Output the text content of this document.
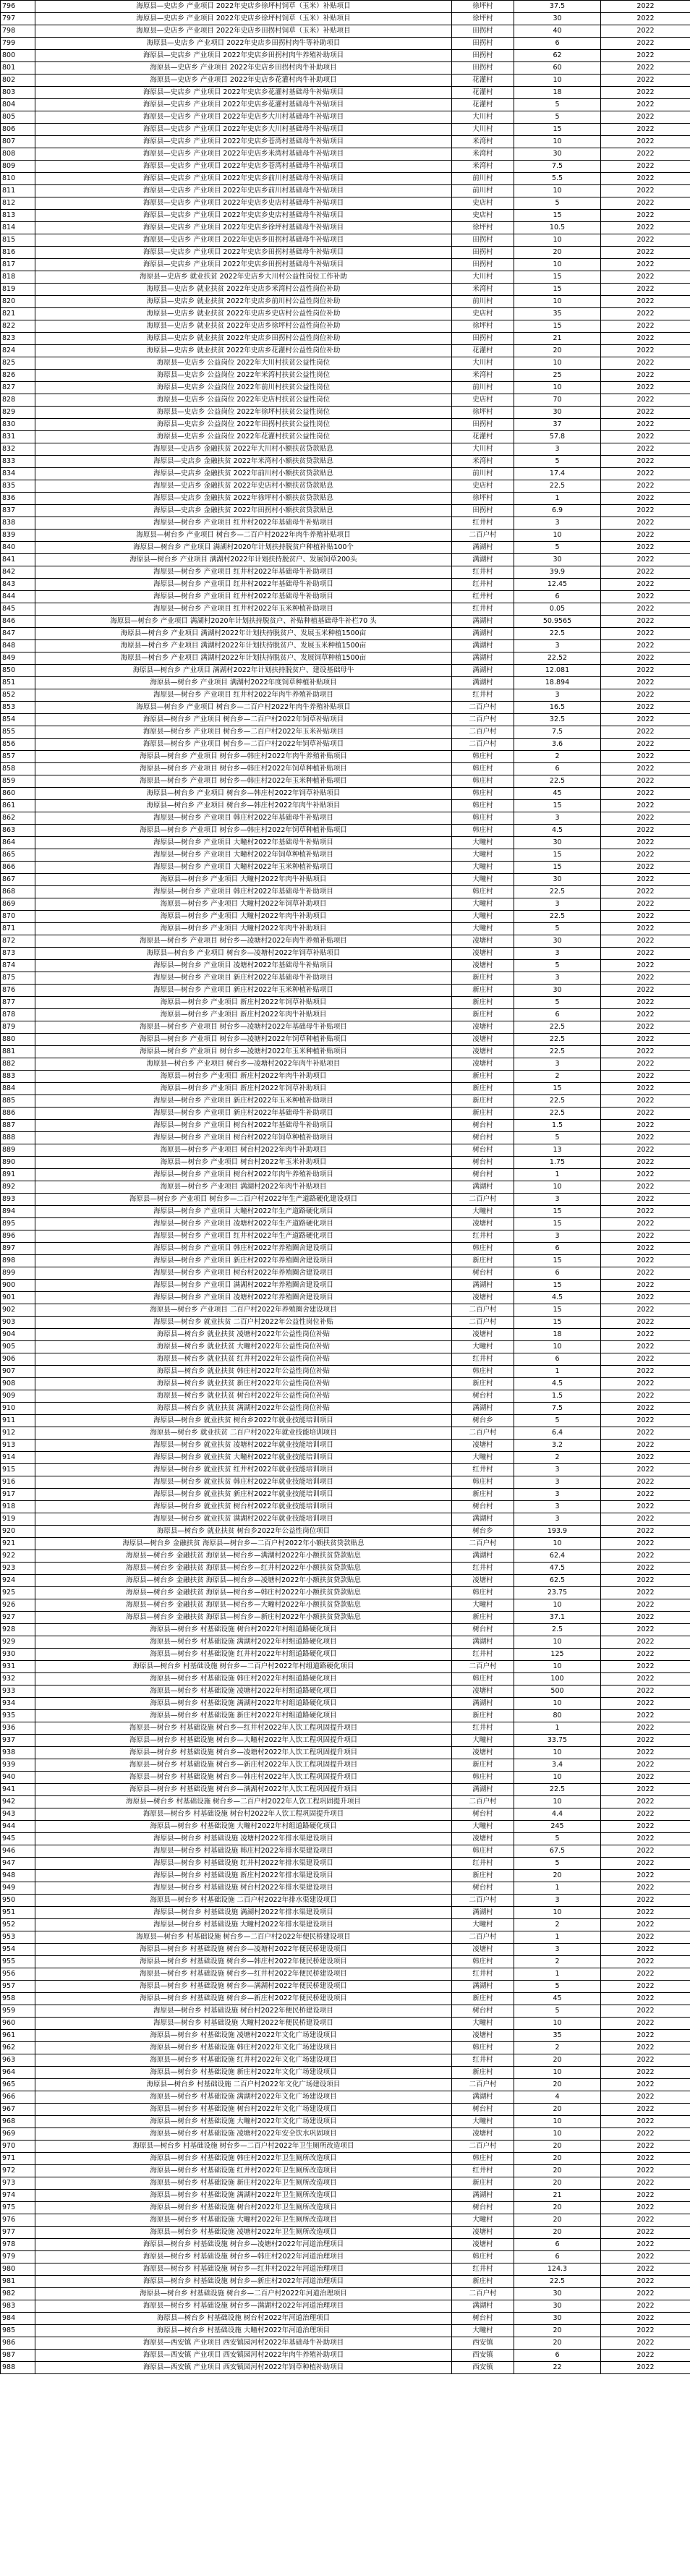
796	海原县—史店乡 产业项目 2022年史店乡徐坪村饲草（玉米）补贴项目	徐坪村	37.5	2022
797	海原县—史店乡 产业项目 2022年史店乡徐坪村饲草（玉米）补贴项目	徐坪村	30	2022
798	海原县—史店乡 产业项目 2022年史店乡田拐村饲草（玉米）补贴项目	田拐村	40	2022
799	海原县—史店乡 产业项目 2022年史店乡田拐村肉牛等补助项目	田拐村	6	2022
800	海原县—史店乡 产业项目 2022年史店乡田拐村肉牛养殖补助项目	田拐村	62	2022
801	海原县—史店乡 产业项目 2022年史店乡田拐村肉牛补助项目	田拐村	60	2022
802	海原县—史店乡 产业项目 2022年史店乡花灌村肉牛补助项目	花灌村	10	2022
803	海原县—史店乡 产业项目 2022年史店乡花灌村基础母牛补贴项目	花灌村	18	2022
804	海原县—史店乡 产业项目 2022年史店乡花灌村基础母牛补贴项目	花灌村	5	2022
805	海原县—史店乡 产业项目 2022年史店乡大川村基础母牛补贴项目	大川村	5	2022
806	海原县—史店乡 产业项目 2022年史店乡大川村基础母牛补贴项目	大川村	15	2022
807	海原县—史店乡 产业项目 2022年史店乡苍湾村基础母牛补贴项目	米湾村	10	2022
808	海原县—史店乡 产业项目 2022年史店乡米湾村基础母牛补贴项目	米湾村	30	2022
809	海原县—史店乡 产业项目 2022年史店乡苍湾村基础母牛补贴项目	米湾村	7.5	2022
810	海原县—史店乡 产业项目 2022年史店乡前川村基础母牛补贴项目	前川村	5.5	2022
811	海原县—史店乡 产业项目 2022年史店乡前川村基础母牛补贴项目	前川村	10	2022
812	海原县—史店乡 产业项目 2022年史店乡史店村基础母牛补贴项目	史店村	5	2022
813	海原县—史店乡 产业项目 2022年史店乡史店村基础母牛补贴项目	史店村	15	2022
814	海原县—史店乡 产业项目 2022年史店乡徐坪村基础母牛补贴项目	徐坪村	10.5	2022
815	海原县—史店乡 产业项目 2022年史店乡田拐村基础母牛补贴项目	田拐村	10	2022
816	海原县—史店乡 产业项目 2022年史店乡田拐村基础母牛补贴项目	田拐村	20	2022
817	海原县—史店乡 产业项目 2022年史店乡田拐村基础母牛补贴项目	田拐村	10	2022
818	海原县—史店乡 就业扶贫 2022年史店乡大川村公益性岗位工作补助	大川村	15	2022
819	海原县—史店乡 就业扶贫 2022年史店乡米湾村公益性岗位补助	米湾村	15	2022
820	海原县—史店乡 就业扶贫 2022年史店乡前川村公益性岗位补助	前川村	10	2022
821	海原县—史店乡 就业扶贫 2022年史店乡史店村公益性岗位补助	史店村	35	2022
822	海原县—史店乡 就业扶贫 2022年史店乡徐坪村公益性岗位补助	徐坪村	15	2022
823	海原县—史店乡 就业扶贫 2022年史店乡田拐村公益性岗位补助	田拐村	21	2022
824	海原县—史店乡 就业扶贫 2022年史店乡花灌村公益性岗位补助	花灌村	20	2022
825	海原县—史店乡 公益岗位 2022年大川村扶贫公益性岗位	大川村	10	2022
826	海原县—史店乡 公益岗位 2022年米湾村扶贫公益性岗位	米湾村	25	2022
827	海原县—史店乡 公益岗位 2022年前川村扶贫公益性岗位	前川村	10	2022
828	海原县—史店乡 公益岗位 2022年史店村扶贫公益性岗位	史店村	70	2022
829	海原县—史店乡 公益岗位 2022年徐坪村扶贫公益性岗位	徐坪村	30	2022
830	海原县—史店乡 公益岗位 2022年田拐村扶贫公益性岗位	田拐村	37	2022
831	海原县—史店乡 公益岗位 2022年花灌村扶贫公益性岗位	花灌村	57.8	2022
832	海原县—史店乡 金融扶贫 2022年大川村小额扶贫贷款贴息	大川村	3	2022
833	海原县—史店乡 金融扶贫 2022年米湾村小额扶贫贷款贴息	米湾村	5	2022
834	海原县—史店乡 金融扶贫 2022年前川村小额扶贫贷款贴息	前川村	17.4	2022
835	海原县—史店乡 金融扶贫 2022年史店村小额扶贫贷款贴息	史店村	22.5	2022
836	海原县—史店乡 金融扶贫 2022年徐坪村小额扶贫贷款贴息	徐坪村	1	2022
837	海原县—史店乡 金融扶贫 2022年田拐村小额扶贫贷款贴息	田拐村	6.9	2022
838	海原县—树台乡 产业项目 红井村2022年基础母牛补贴项目	红井村	3	2022
839	海原县—树台乡 产业项目 树台乡—二百户村2022年肉牛养殖补贴项目	二百户村	10	2022
840	海原县—树台乡 产业项目 满湖村2020年计划扶持脱贫户种植补贴100个	满湖村	5	2022
841	海原县—树台乡 产业项目 满湖村2022年计划扶持脱贫户、发展饲草200头	满湖村	30	2022
842	海原县—树台乡 产业项目 红井村2022年基础母牛补助项目	红井村	39.9	2022
843	海原县—树台乡 产业项目 红井村2022年基础母牛补助项目	红井村	12.45	2022
844	海原县—树台乡 产业项目 红井村2022年基础母牛补助项目	红井村	6	2022
845	海原县—树台乡 产业项目 红井村2022年玉米种植补助项目	红井村	0.05	2022
846	海原县—树台乡 产业项目 满湖村2020年计划扶持脱贫户、补贴种植基础母牛补栏70 头	满湖村	50.9565	2022
847	海原县—树台乡 产业项目 满湖村2022年计划扶持脱贫户、发展玉米种植1500亩	满湖村	22.5	2022
848	海原县—树台乡 产业项目 满湖村2022年计划扶持脱贫户、发展玉米种植1500亩	满湖村	3	2022
849	海原县—树台乡 产业项目 满湖村2022年计划扶持脱贫户、发展饲草种植1500亩	满湖村	22.52	2022
850	海原县—树台乡 产业项目 满湖村2022年计划扶持脱贫户、建设基础母牛	满湖村	12.081	2022
851	海原县—树台乡 产业项目 满湖村2022年度饲草种植补贴项目	满湖村	18.894	2022
852	海原县—树台乡 产业项目 红井村2022年肉牛养殖补助项目	红井村	3	2022
853	海原县—树台乡 产业项目 树台乡—二百户村2022年肉牛养殖补贴项目	二百户村	16.5	2022
854	海原县—树台乡 产业项目 树台乡—二百户村2022年饲草补贴项目	二百户村	32.5	2022
855	海原县—树台乡 产业项目 树台乡—二百户村2022年玉米补贴项目	二百户村	7.5	2022
856	海原县—树台乡 产业项目 树台乡—二百户村2022年饲草补贴项目	二百户村	3.6	2022
857	海原县—树台乡 产业项目 树台乡—韩庄村2022年肉牛养殖补贴项目	韩庄村	2	2022
858	海原县—树台乡 产业项目 树台乡—韩庄村2022年饲草种植补贴项目	韩庄村	6	2022
859	海原县—树台乡 产业项目 树台乡—韩庄村2022年玉米种植补贴项目	韩庄村	22.5	2022
860	海原县—树台乡 产业项目 树台乡—韩庄村2022年饲草补贴项目	韩庄村	45	2022
861	海原县—树台乡 产业项目 树台乡—韩庄村2022年肉牛补贴项目	韩庄村	15	2022
862	海原县—树台乡 产业项目 韩庄村2022年基础母牛补贴项目	韩庄村	3	2022
863	海原县—树台乡 产业项目 树台乡—韩庄村2022年饲草种植补贴项目	韩庄村	4.5	2022
864	海原县—树台乡 产业项目 大疃村2022年基础母牛补贴项目	大疃村	30	2022
865	海原县—树台乡 产业项目 大疃村2022年饲草种植补贴项目	大疃村	15	2022
866	海原县—树台乡 产业项目 大疃村2022年玉米种植补贴项目	大疃村	15	2022
867	海原县—树台乡 产业项目 大疃村2022年肉牛补贴项目	大疃村	30	2022
868	海原县—树台乡 产业项目 韩庄村2022年基础母牛补助项目	韩庄村	22.5	2022
869	海原县—树台乡 产业项目 大疃村2022年饲草补助项目	大疃村	3	2022
870	海原县—树台乡 产业项目 大疃村2022年肉牛补助项目	大疃村	22.5	2022
871	海原县—树台乡 产业项目 大疃村2022年肉牛补助项目	大疃村	5	2022
872	海原县—树台乡 产业项目 树台乡—凌塘村2022年肉牛养殖补贴项目	凌塘村	30	2022
873	海原县—树台乡 产业项目 树台乡—凌塘村2022年饲草补贴项目	凌塘村	3	2022
874	海原县—树台乡 产业项目 凌塘村2022年基础母牛补贴项目	凌塘村	5	2022
875	海原县—树台乡 产业项目 新庄村2022年基础母牛补助项目	新庄村	3	2022
876	海原县—树台乡 产业项目 新庄村2022年玉米种植补贴项目	新庄村	30	2022
877	海原县—树台乡 产业项目 新庄村2022年饲草补贴项目	新庄村	5	2022
878	海原县—树台乡 产业项目 新庄村2022年肉牛补贴项目	新庄村	6	2022
879	海原县—树台乡 产业项目 树台乡—凌塘村2022年基础母牛补贴项目	凌塘村	22.5	2022
880	海原县—树台乡 产业项目 树台乡—凌塘村2022年饲草种植补贴项目	凌塘村	22.5	2022
881	海原县—树台乡 产业项目 树台乡—凌塘村2022年玉米种植补贴项目	凌塘村	22.5	2022
882	海原县—树台乡 产业项目 树台乡—凌塘村2022年肉牛补贴项目	凌塘村	3	2022
883	海原县—树台乡 产业项目 新庄村2022年肉牛补助项目	新庄村	2	2022
884	海原县—树台乡 产业项目 新庄村2022年饲草补助项目	新庄村	15	2022
885	海原县—树台乡 产业项目 新庄村2022年玉米种植补助项目	新庄村	22.5	2022
886	海原县—树台乡 产业项目 新庄村2022年基础母牛补助项目	新庄村	22.5	2022
887	海原县—树台乡 产业项目 树台村2022年基础母牛补助项目	树台村	1.5	2022
888	海原县—树台乡 产业项目 树台村2022年饲草种植补助项目	树台村	5	2022
889	海原县—树台乡 产业项目 树台村2022年肉牛补助项目	树台村	13	2022
890	海原县—树台乡 产业项目 树台村2022年玉米补助项目	树台村	1.75	2022
891	海原县—树台乡 产业项目 树台村2022年肉牛养殖补助项目	树台村	1	2022
892	海原县—树台乡 产业项目 满湖村2022年肉牛补贴项目	满湖村	10	2022
893	海原县—树台乡 产业项目 树台乡—二百户村2022年生产道路硬化建设项目	二百户村	3	2022
894	海原县—树台乡 产业项目 大疃村2022年生产道路硬化项目	大疃村	15	2022
895	海原县—树台乡 产业项目 凌塘村2022年生产道路硬化项目	凌塘村	15	2022
896	海原县—树台乡 产业项目 红井村2022年生产道路硬化项目	红井村	3	2022
897	海原县—树台乡 产业项目 韩庄村2022年养殖圈舍建设项目	韩庄村	6	2022
898	海原县—树台乡 产业项目 新庄村2022年养殖圈舍建设项目	新庄村	15	2022
899	海原县—树台乡 产业项目 树台村2022年养殖圈舍建设项目	树台村	6	2022
900	海原县—树台乡 产业项目 满湖村2022年养殖圈舍建设项目	满湖村	15	2022
901	海原县—树台乡 产业项目 凌塘村2022年养殖圈舍建设项目	凌塘村	4.5	2022
902	海原县—树台乡 产业项目 二百户村2022年养殖圈舍建设项目	二百户村	15	2022
903	海原县—树台乡 就业扶贫 二百户村2022年公益性岗位补贴	二百户村	15	2022
904	海原县—树台乡 就业扶贫 凌塘村2022年公益性岗位补贴	凌塘村	18	2022
905	海原县—树台乡 就业扶贫 大疃村2022年公益性岗位补贴	大疃村	10	2022
906	海原县—树台乡 就业扶贫 红井村2022年公益性岗位补贴	红井村	6	2022
907	海原县—树台乡 就业扶贫 韩庄村2022年公益性岗位补贴	韩庄村	1	2022
908	海原县—树台乡 就业扶贫 新庄村2022年公益性岗位补贴	新庄村	4.5	2022
909	海原县—树台乡 就业扶贫 树台村2022年公益性岗位补贴	树台村	1.5	2022
910	海原县—树台乡 就业扶贫 满湖村2022年公益性岗位补贴	满湖村	7.5	2022
911	海原县—树台乡 就业扶贫 树台乡2022年就业技能培训项目	树台乡	5	2022
912	海原县—树台乡 就业扶贫 二百户村2022年就业技能培训项目	二百户村	6.4	2022
913	海原县—树台乡 就业扶贫 凌塘村2022年就业技能培训项目	凌塘村	3.2	2022
914	海原县—树台乡 就业扶贫 大疃村2022年就业技能培训项目	大疃村	2	2022
915	海原县—树台乡 就业扶贫 红井村2022年就业技能培训项目	红井村	3	2022
916	海原县—树台乡 就业扶贫 韩庄村2022年就业技能培训项目	韩庄村	3	2022
917	海原县—树台乡 就业扶贫 新庄村2022年就业技能培训项目	新庄村	3	2022
918	海原县—树台乡 就业扶贫 树台村2022年就业技能培训项目	树台村	3	2022
919	海原县—树台乡 就业扶贫 满湖村2022年就业技能培训项目	满湖村	3	2022
920	海原县—树台乡 就业扶贫 树台乡2022年公益性岗位项目	树台乡	193.9	2022
921	海原县—树台乡 金融扶贫 海原县—树台乡—二百户村2022年小额扶贫贷款贴息	二百户村	10	2022
922	海原县—树台乡 金融扶贫 海原县—树台乡—满湖村2022年小额扶贫贷款贴息	满湖村	62.4	2022
923	海原县—树台乡 金融扶贫 海原县—树台乡—红井村2022年小额扶贫贷款贴息	红井村	47.5	2022
924	海原县—树台乡 金融扶贫 海原县—树台乡—凌塘村2022年小额扶贫贷款贴息	凌塘村	62.5	2022
925	海原县—树台乡 金融扶贫 海原县—树台乡—韩庄村2022年小额扶贫贷款贴息	韩庄村	23.75	2022
926	海原县—树台乡 金融扶贫 海原县—树台乡—大疃村2022年小额扶贫贷款贴息	大疃村	10	2022
927	海原县—树台乡 金融扶贫 海原县—树台乡—新庄村2022年小额扶贫贷款贴息	新庄村	37.1	2022
928	海原县—树台乡 村基础设施 树台村2022年村组道路硬化项目	树台村	2.5	2022
929	海原县—树台乡 村基础设施 满湖村2022年村组道路硬化项目	满湖村	10	2022
930	海原县—树台乡 村基础设施 红井村2022年村组道路硬化项目	红井村	125	2022
931	海原县—树台乡 村基础设施 树台乡—二百户村2022年村组道路硬化项目	二百户村	10	2022
932	海原县—树台乡 村基础设施 韩庄村2022年村组道路硬化项目	韩庄村	100	2022
933	海原县—树台乡 村基础设施 凌塘村2022年村组道路硬化项目	凌塘村	500	2022
934	海原县—树台乡 村基础设施 满湖村2022年村组道路硬化项目	满湖村	10	2022
935	海原县—树台乡 村基础设施 新庄村2022年村组道路硬化项目	新庄村	80	2022
936	海原县—树台乡 村基础设施 树台乡—红井村2022年人饮工程巩固提升项目	红井村	1	2022
937	海原县—树台乡 村基础设施 树台乡—大疃村2022年人饮工程巩固提升项目	大疃村	33.75	2022
938	海原县—树台乡 村基础设施 树台乡—凌塘村2022年人饮工程巩固提升项目	凌塘村	10	2022
939	海原县—树台乡 村基础设施 树台乡—新庄村2022年人饮工程巩固提升项目	新庄村	3.4	2022
940	海原县—树台乡 村基础设施 树台乡—韩庄村2022年人饮工程巩固提升项目	韩庄村	10	2022
941	海原县—树台乡 村基础设施 树台乡—满湖村2022年人饮工程巩固提升项目	满湖村	22.5	2022
942	海原县—树台乡 村基础设施 树台乡—二百户村2022年人饮工程巩固提升项目	二百户村	10	2022
943	海原县—树台乡 村基础设施 树台村2022年人饮工程巩固提升项目	树台村	4.4	2022
944	海原县—树台乡 村基础设施 大疃村2022年村组道路硬化项目	大疃村	245	2022
945	海原县—树台乡 村基础设施 凌塘村2022年排水渠建设项目	凌塘村	5	2022
946	海原县—树台乡 村基础设施 韩庄村2022年排水渠建设项目	韩庄村	67.5	2022
947	海原县—树台乡 村基础设施 红井村2022年排水渠建设项目	红井村	5	2022
948	海原县—树台乡 村基础设施 新庄村2022年排水渠建设项目	新庄村	20	2022
949	海原县—树台乡 村基础设施 树台村2022年排水渠建设项目	树台村	1	2022
950	海原县—树台乡 村基础设施 二百户村2022年排水渠建设项目	二百户村	3	2022
951	海原县—树台乡 村基础设施 满湖村2022年排水渠建设项目	满湖村	10	2022
952	海原县—树台乡 村基础设施 大疃村2022年排水渠建设项目	大疃村	2	2022
953	海原县—树台乡 村基础设施 树台乡—二百户村2022年便民桥建设项目	二百户村	1	2022
954	海原县—树台乡 村基础设施 树台乡—凌塘村2022年便民桥建设项目	凌塘村	3	2022
955	海原县—树台乡 村基础设施 树台乡—韩庄村2022年便民桥建设项目	韩庄村	2	2022
956	海原县—树台乡 村基础设施 树台乡—红井村2022年便民桥建设项目	红井村	1	2022
957	海原县—树台乡 村基础设施 树台乡—满湖村2022年便民桥建设项目	满湖村	5	2022
958	海原县—树台乡 村基础设施 树台乡—新庄村2022年便民桥建设项目	新庄村	45	2022
959	海原县—树台乡 村基础设施 树台村2022年便民桥建设项目	树台村	5	2022
960	海原县—树台乡 村基础设施 大疃村2022年便民桥建设项目	大疃村	10	2022
961	海原县—树台乡 村基础设施 凌塘村2022年文化广场建设项目	凌塘村	35	2022
962	海原县—树台乡 村基础设施 韩庄村2022年文化广场建设项目	韩庄村	2	2022
963	海原县—树台乡 村基础设施 红井村2022年文化广场建设项目	红井村	20	2022
964	海原县—树台乡 村基础设施 新庄村2022年文化广场建设项目	新庄村	10	2022
965	海原县—树台乡 村基础设施 二百户村2022年文化广场建设项目	二百户村	20	2022
966	海原县—树台乡 村基础设施 满湖村2022年文化广场建设项目	满湖村	4	2022
967	海原县—树台乡 村基础设施 树台村2022年文化广场建设项目	树台村	20	2022
968	海原县—树台乡 村基础设施 大疃村2022年文化广场建设项目	大疃村	10	2022
969	海原县—树台乡 村基础设施 凌塘村2022年安全饮水巩固项目	凌塘村	10	2022
970	海原县—树台乡 村基础设施 树台乡—二百户村2022年卫生厕所改造项目	二百户村	20	2022
971	海原县—树台乡 村基础设施 韩庄村2022年卫生厕所改造项目	韩庄村	20	2022
972	海原县—树台乡 村基础设施 红井村2022年卫生厕所改造项目	红井村	20	2022
973	海原县—树台乡 村基础设施 新庄村2022年卫生厕所改造项目	新庄村	20	2022
974	海原县—树台乡 村基础设施 满湖村2022年卫生厕所改造项目	满湖村	21	2022
975	海原县—树台乡 村基础设施 树台村2022年卫生厕所改造项目	树台村	20	2022
976	海原县—树台乡 村基础设施 大疃村2022年卫生厕所改造项目	大疃村	20	2022
977	海原县—树台乡 村基础设施 凌塘村2022年卫生厕所改造项目	凌塘村	20	2022
978	海原县—树台乡 村基础设施 树台乡—凌塘村2022年河道治理项目	凌塘村	6	2022
979	海原县—树台乡 村基础设施 树台乡—韩庄村2022年河道治理项目	韩庄村	6	2022
980	海原县—树台乡 村基础设施 树台乡—红井村2022年河道治理项目	红井村	124.3	2022
981	海原县—树台乡 村基础设施 树台乡—新庄村2022年河道治理项目	新庄村	22.5	2022
982	海原县—树台乡 村基础设施 树台乡—二百户村2022年河道治理项目	二百户村	30	2022
983	海原县—树台乡 村基础设施 树台乡—满湖村2022年河道治理项目	满湖村	30	2022
984	海原县—树台乡 村基础设施 树台村2022年河道治理项目	树台村	30	2022
985	海原县—树台乡 村基础设施 大疃村2022年河道治理项目	大疃村	20	2022
986	海原县—西安镇 产业项目 西安镇园河村2022年基础母牛补助项目	西安镇	20	2022
987	海原县—西安镇 产业项目 西安镇园河村2022年肉牛养殖补助项目	西安镇	6	2022
988	海原县—西安镇 产业项目 西安镇园河村2022年饲草种植补助项目	西安镇	22	2022
